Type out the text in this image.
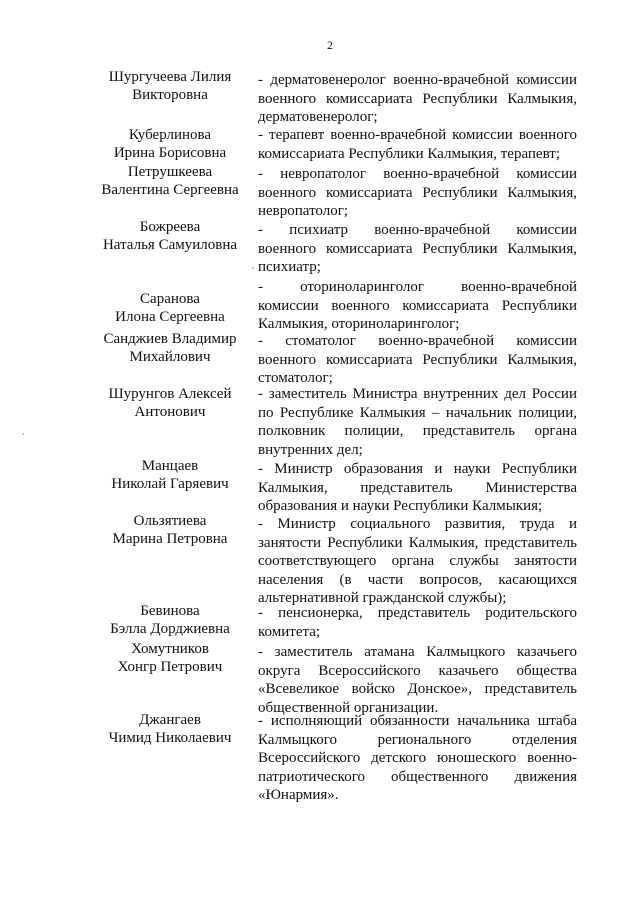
2
Шургучеева Лилия
Викторовна
- дерматовенеролог военно-врачебной комиссии
военного комиссариата Республики Калмыкия,
дерматовенеролог;
Куберлинова
Ирина Борисовна
- терапевт военно-врачебной комиссии военного
комиссариата Республики Калмыкия, терапевт;
Петрушкеева
Валентина Сергеевна
- невропатолог военно-врачебной комиссии
военного комиссариата Республики Калмыкия,
невропатолог;
Божреева
Наталья Самуиловна
- психиатр военно-врачебной комиссии
военного комиссариата Республики Калмыкия,
психиатр;
Саранова
Илона Сергеевна
- оториноларинголог военно-врачебной
комиссии военного комиссариата Республики
Калмыкия, оториноларинголог;
Санджиев Владимир
Михайлович
- стоматолог военно-врачебной комиссии
военного комиссариата Республики Калмыкия,
стоматолог;
Шурунгов Алексей
Антонович
- заместитель Министра внутренних дел России
по Республике Калмыкия – начальник полиции,
полковник полиции, представитель органа
внутренних дел;
Манцаев
Николай Гаряевич
- Министр образования и науки Республики
Калмыкия, представитель Министерства
образования и науки Республики Калмыкия;
Ользятиева
Марина Петровна
- Министр социального развития, труда и
занятости Республики Калмыкия, представитель
соответствующего органа службы занятости
населения (в части вопросов, касающихся
альтернативной гражданской службы);
Бевинова
Бэлла Дорджиевна
- пенсионерка, представитель родительского
комитета;
Хомутников
Хонгр Петрович
- заместитель атамана Калмыцкого казачьего
округа Всероссийского казачьего общества
«Всевеликое войско Донское», представитель
общественной организации.
Джангаев
Чимид Николаевич
- исполняющий обязанности начальника штаба
Калмыцкого регионального отделения
Всероссийского детского юношеского военно-
патриотического общественного движения
«Юнармия».
